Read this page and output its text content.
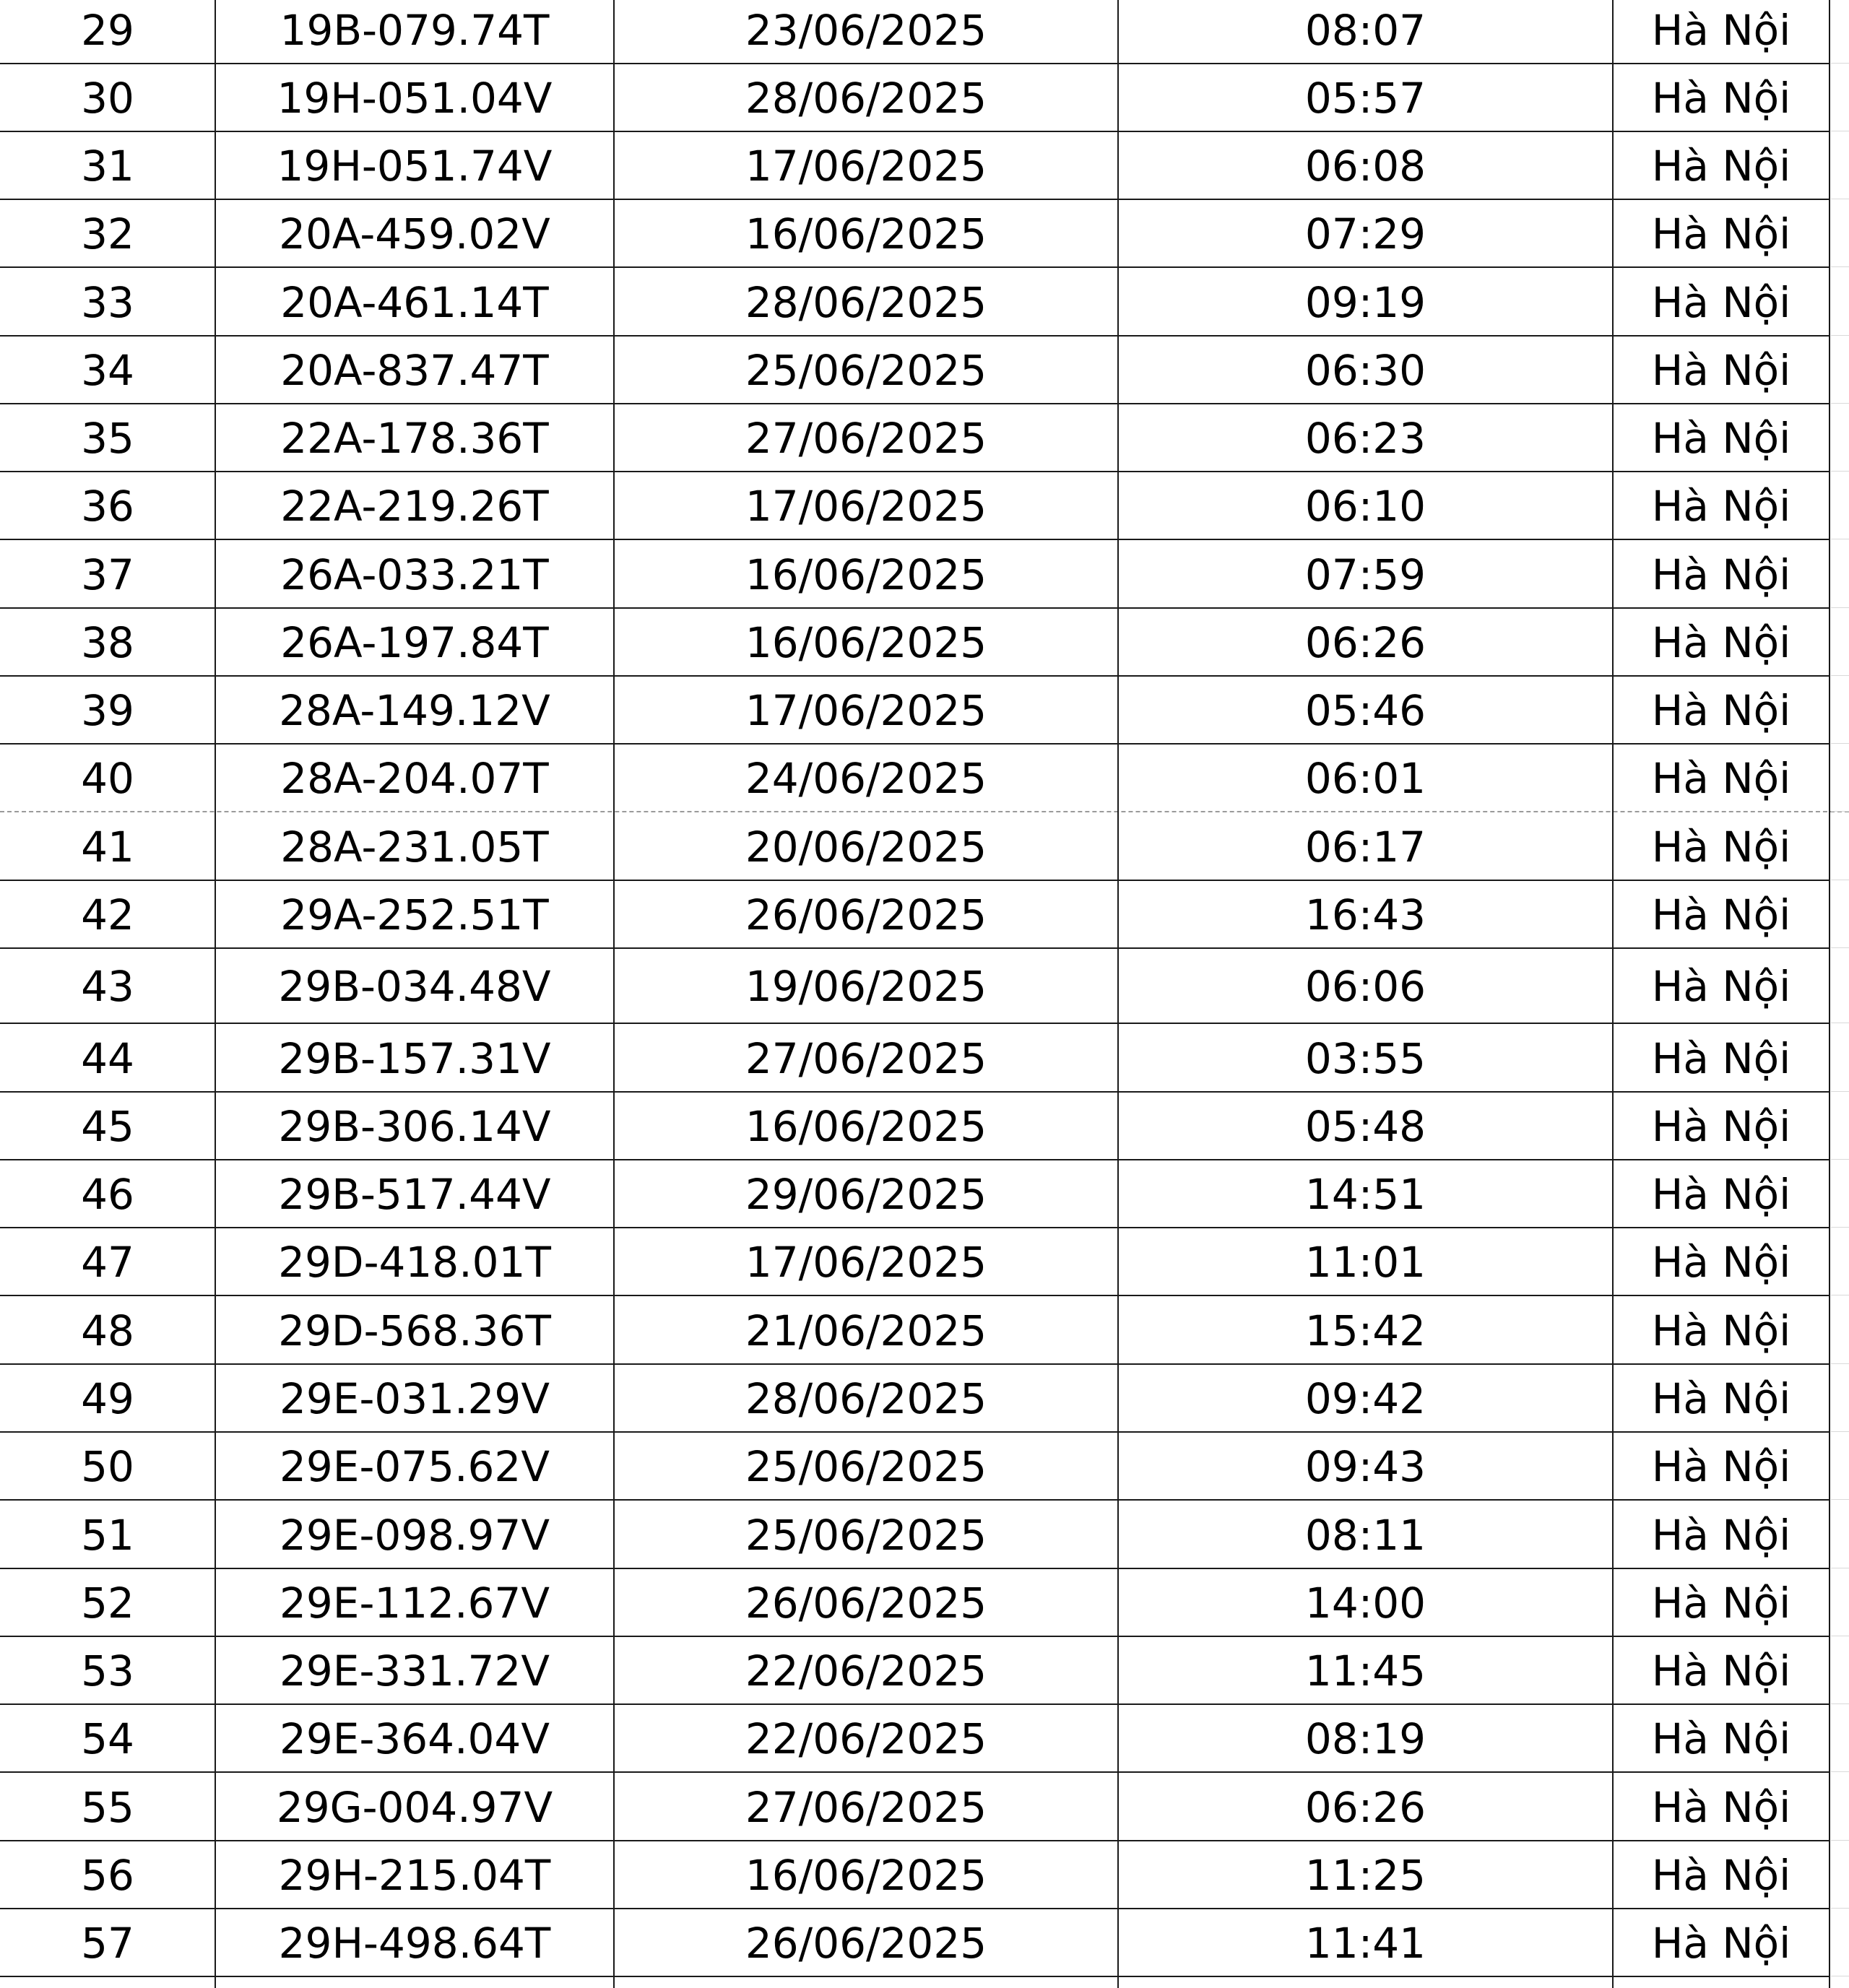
29	19B-079.74T	23/06/2025	08:07	Hà Nội
30	19H-051.04V	28/06/2025	05:57	Hà Nội
31	19H-051.74V	17/06/2025	06:08	Hà Nội
32	20A-459.02V	16/06/2025	07:29	Hà Nội
33	20A-461.14T	28/06/2025	09:19	Hà Nội
34	20A-837.47T	25/06/2025	06:30	Hà Nội
35	22A-178.36T	27/06/2025	06:23	Hà Nội
36	22A-219.26T	17/06/2025	06:10	Hà Nội
37	26A-033.21T	16/06/2025	07:59	Hà Nội
38	26A-197.84T	16/06/2025	06:26	Hà Nội
39	28A-149.12V	17/06/2025	05:46	Hà Nội
40	28A-204.07T	24/06/2025	06:01	Hà Nội
41	28A-231.05T	20/06/2025	06:17	Hà Nội
42	29A-252.51T	26/06/2025	16:43	Hà Nội
43	29B-034.48V	19/06/2025	06:06	Hà Nội
44	29B-157.31V	27/06/2025	03:55	Hà Nội
45	29B-306.14V	16/06/2025	05:48	Hà Nội
46	29B-517.44V	29/06/2025	14:51	Hà Nội
47	29D-418.01T	17/06/2025	11:01	Hà Nội
48	29D-568.36T	21/06/2025	15:42	Hà Nội
49	29E-031.29V	28/06/2025	09:42	Hà Nội
50	29E-075.62V	25/06/2025	09:43	Hà Nội
51	29E-098.97V	25/06/2025	08:11	Hà Nội
52	29E-112.67V	26/06/2025	14:00	Hà Nội
53	29E-331.72V	22/06/2025	11:45	Hà Nội
54	29E-364.04V	22/06/2025	08:19	Hà Nội
55	29G-004.97V	27/06/2025	06:26	Hà Nội
56	29H-215.04T	16/06/2025	11:25	Hà Nội
57	29H-498.64T	26/06/2025	11:41	Hà Nội
